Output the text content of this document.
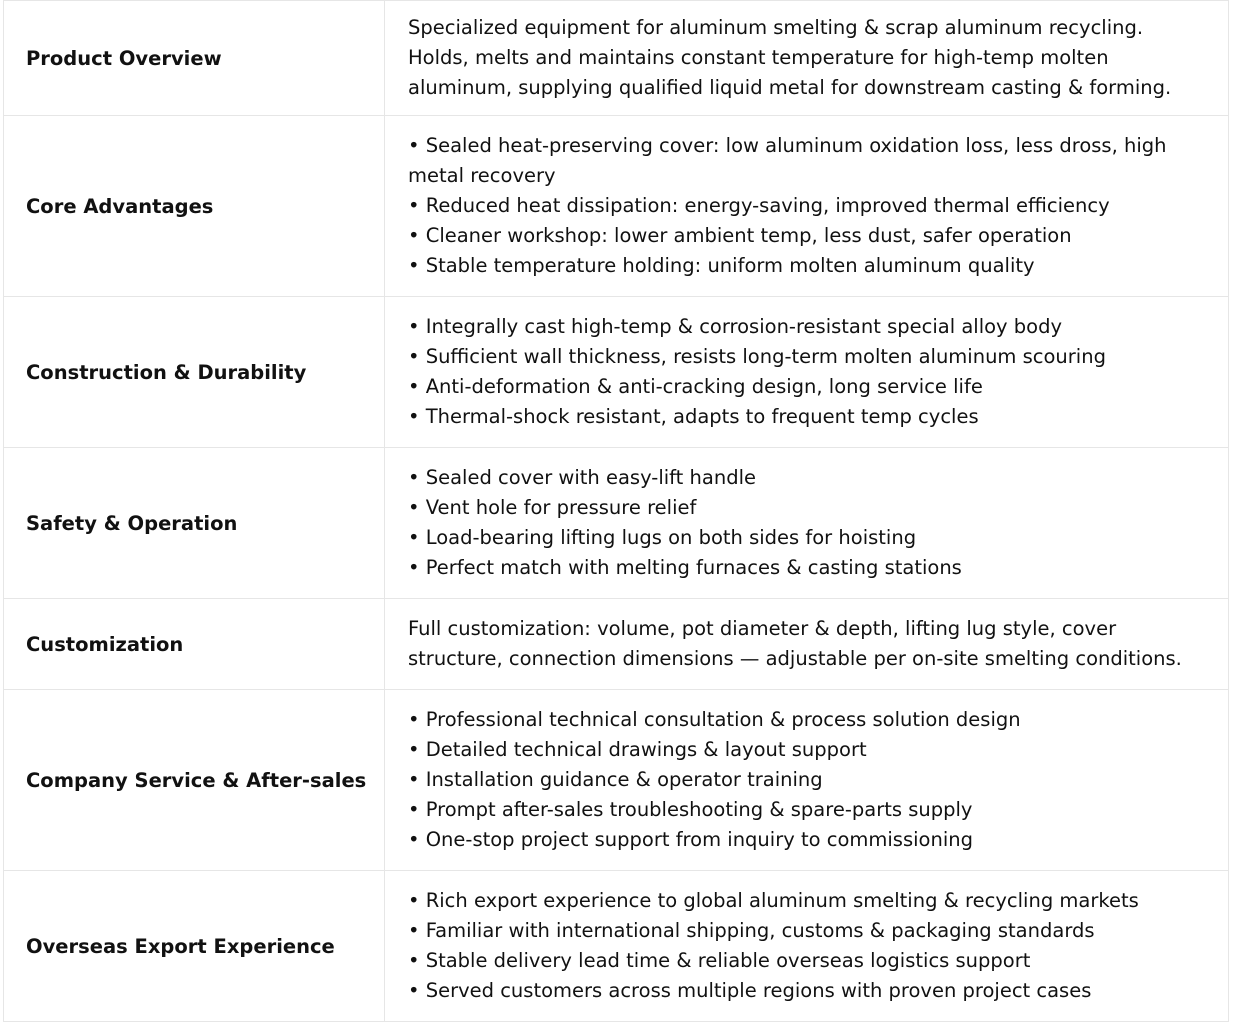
Product Overview	Specialized equipment for aluminum smelting & scrap aluminum recycling. Holds, melts and maintains constant temperature for high-temp molten aluminum, supplying qualified liquid metal for downstream casting & forming.

Core Advantages	• Sealed heat-preserving cover: low aluminum oxidation loss, less dross, high metal recovery
• Reduced heat dissipation: energy-saving, improved thermal efficiency
• Cleaner workshop: lower ambient temp, less dust, safer operation
• Stable temperature holding: uniform molten aluminum quality

Construction & Durability	• Integrally cast high-temp & corrosion-resistant special alloy body
• Sufficient wall thickness, resists long-term molten aluminum scouring
• Anti-deformation & anti-cracking design, long service life
• Thermal-shock resistant, adapts to frequent temp cycles

Safety & Operation	• Sealed cover with easy-lift handle
• Vent hole for pressure relief
• Load-bearing lifting lugs on both sides for hoisting
• Perfect match with melting furnaces & casting stations

Customization	Full customization: volume, pot diameter & depth, lifting lug style, cover structure, connection dimensions — adjustable per on-site smelting conditions.

Company Service & After-sales	• Professional technical consultation & process solution design
• Detailed technical drawings & layout support
• Installation guidance & operator training
• Prompt after-sales troubleshooting & spare-parts supply
• One-stop project support from inquiry to commissioning

Overseas Export Experience	• Rich export experience to global aluminum smelting & recycling markets
• Familiar with international shipping, customs & packaging standards
• Stable delivery lead time & reliable overseas logistics support
• Served customers across multiple regions with proven project cases
